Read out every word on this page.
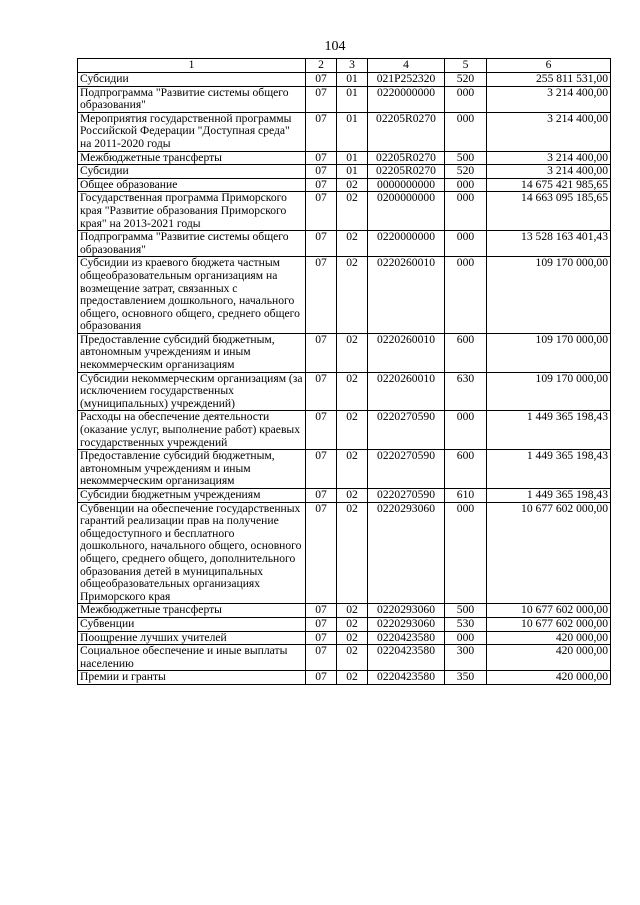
104
1	2	3	4	5	6
Субсидии	07	01	021P252320	520	255 811 531,00
Подпрограмма "Развитие системы общего образования"	07	01	0220000000	000	3 214 400,00
Мероприятия государственной программы Российской Федерации "Доступная среда" на 2011-2020 годы	07	01	02205R0270	000	3 214 400,00
Межбюджетные трансферты	07	01	02205R0270	500	3 214 400,00
Субсидии	07	01	02205R0270	520	3 214 400,00
Общее образование	07	02	0000000000	000	14 675 421 985,65
Государственная программа Приморского края "Развитие образования Приморского края" на 2013-2021 годы	07	02	0200000000	000	14 663 095 185,65
Подпрограмма "Развитие системы общего образования"	07	02	0220000000	000	13 528 163 401,43
Субсидии из краевого бюджета частным общеобразовательным организациям на возмещение затрат, связанных с предоставлением дошкольного, начального общего, основного общего, среднего общего образования	07	02	0220260010	000	109 170 000,00
Предоставление субсидий бюджетным, автономным учреждениям и иным некоммерческим организациям	07	02	0220260010	600	109 170 000,00
Субсидии некоммерческим организациям (за исключением государственных (муниципальных) учреждений)	07	02	0220260010	630	109 170 000,00
Расходы на обеспечение деятельности (оказание услуг, выполнение работ) краевых государственных учреждений	07	02	0220270590	000	1 449 365 198,43
Предоставление субсидий бюджетным, автономным учреждениям и иным некоммерческим организациям	07	02	0220270590	600	1 449 365 198,43
Субсидии бюджетным учреждениям	07	02	0220270590	610	1 449 365 198,43
Субвенции на обеспечение государственных гарантий реализации прав на получение общедоступного и бесплатного дошкольного, начального общего, основного общего, среднего общего, дополнительного образования детей в муниципальных общеобразовательных организациях Приморского края	07	02	0220293060	000	10 677 602 000,00
Межбюджетные трансферты	07	02	0220293060	500	10 677 602 000,00
Субвенции	07	02	0220293060	530	10 677 602 000,00
Поощрение лучших учителей	07	02	0220423580	000	420 000,00
Социальное обеспечение и иные выплаты населению	07	02	0220423580	300	420 000,00
Премии и гранты	07	02	0220423580	350	420 000,00
